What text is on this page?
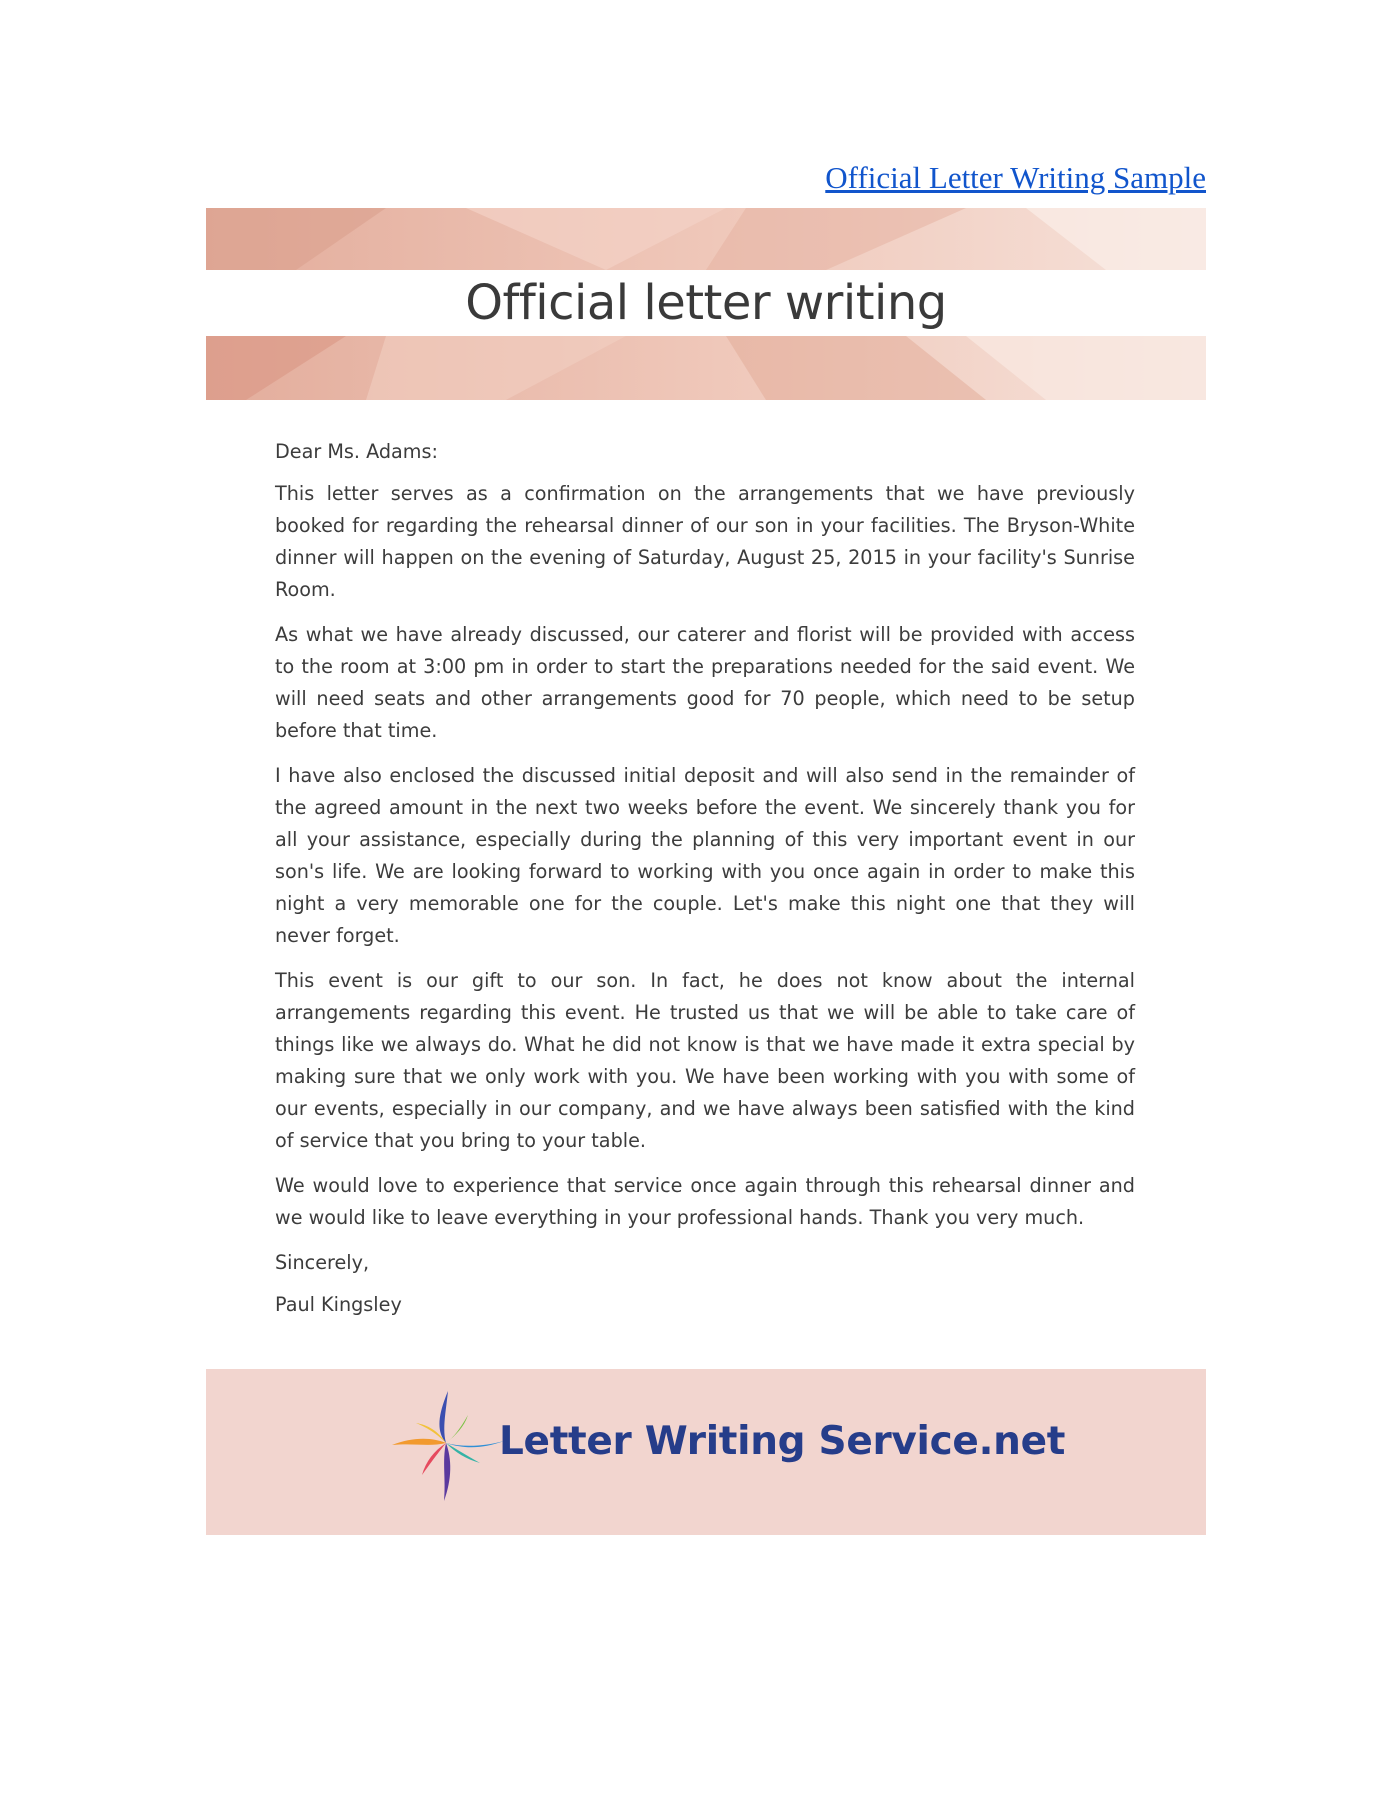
Official Letter Writing Sample
Official letter writing

Dear Ms. Adams:

This letter serves as a confirmation on the arrangements that we have previously booked for regarding the rehearsal dinner of our son in your facilities. The Bryson-White dinner will happen on the evening of Saturday, August 25, 2015 in your facility's Sunrise Room.

As what we have already discussed, our caterer and florist will be provided with access to the room at 3:00 pm in order to start the preparations needed for the said event. We will need seats and other arrangements good for 70 people, which need to be setup before that time.

I have also enclosed the discussed initial deposit and will also send in the remainder of the agreed amount in the next two weeks before the event. We sincerely thank you for all your assistance, especially during the planning of this very important event in our son's life. We are looking forward to working with you once again in order to make this night a very memorable one for the couple. Let's make this night one that they will never forget.

This event is our gift to our son. In fact, he does not know about the internal arrangements regarding this event. He trusted us that we will be able to take care of things like we always do. What he did not know is that we have made it extra special by making sure that we only work with you. We have been working with you with some of our events, especially in our company, and we have always been satisfied with the kind of service that you bring to your table.

We would love to experience that service once again through this rehearsal dinner and we would like to leave everything in your professional hands. Thank you very much.

Sincerely,

Paul Kingsley

Letter Writing Service.net
